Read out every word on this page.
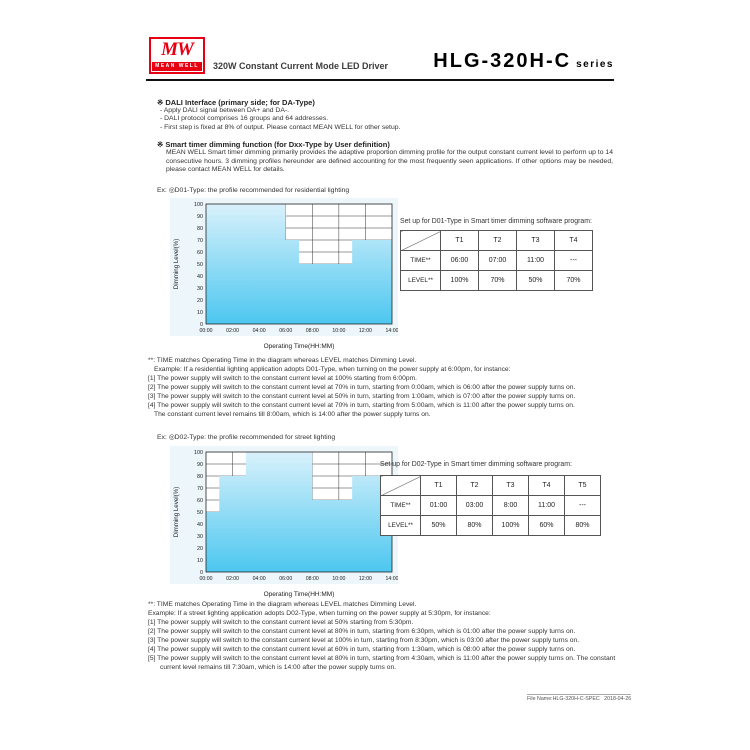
MW
MEAN WELL	320W Constant Current Mode LED Driver HLG-320H-C series
※ DALI Interface (primary side; for DA-Type)
- Apply DALI signal between DA+ and DA-.
- DALI protocol comprises 16 groups and 64 addresses.
- First step is fixed at 8% of output. Please contact MEAN WELL for other setup.
※ Smart timer dimming function (for Dxx-Type by User definition)
MEAN WELL Smart timer dimming primarily provides the adaptive proportion dimming profile for the output constant current level to perform up to 14 consecutive hours. 3 dimming profiles hereunder are defined accounting for the most frequently seen applications. If other options may be needed, please contact MEAN WELL for details.
Ex: ◎D01-Type: the profile recommended for residential lighting
0
10
20
30
40
50
60
70
80
90
100
00:00	02:00	04:00	06:00	08:00	10:00	12:00	14:00
Dimming Level(%)
Operating Time(HH:MM)
Set up for D01-Type in Smart timer dimming software program:
	T1	T2	T3	T4
TIME**	06:00	07:00	11:00	---
LEVEL**	100%	70%	50%	70%
**: TIME matches Operating Time in the diagram whereas LEVEL matches Dimming Level.
Example: If a residential lighting application adopts D01-Type, when turning on the power supply at 6:00pm, for instance:
[1] The power supply will switch to the constant current level at 100% starting from 6:00pm.
[2] The power supply will switch to the constant current level at 70% in turn, starting from 0:00am, which is 06:00 after the power supply turns on.
[3] The power supply will switch to the constant current level at 50% in turn, starting from 1:00am, which is 07:00 after the power supply turns on.
[4] The power supply will switch to the constant current level at 70% in turn, starting from 5:00am, which is 11:00 after the power supply turns on.
The constant current level remains till 8:00am, which is 14:00 after the power supply turns on.
Ex: ◎D02-Type: the profile recommended for street lighting
0
10
20
30
40
50
60
70
80
90
100
00:00	02:00	04:00	06:00	08:00	10:00	12:00	14:00
Dimming Level(%)
Operating Time(HH:MM)
Set up for D02-Type in Smart timer dimming software program:
	T1	T2	T3	T4	T5
TIME**	01:00	03:00	8:00	11:00	---
LEVEL**	50%	80%	100%	60%	80%
**: TIME matches Operating Time in the diagram whereas LEVEL matches Dimming Level.
Example: If a street lighting application adopts D02-Type, when turning on the power supply at 5:30pm, for instance:
[1] The power supply will switch to the constant current level at 50% starting from 5:30pm.
[2] The power supply will switch to the constant current level at 80% in turn, starting from 6:30pm, which is 01:00 after the power supply turns on.
[3] The power supply will switch to the constant current level at 100% in turn, starting from 8:30pm, which is 03:00 after the power supply turns on.
[4] The power supply will switch to the constant current level at 60% in turn, starting from 1:30am, which is 08:00 after the power supply turns on.
[5] The power supply will switch to the constant current level at 80% in turn, starting from 4:30am, which is 11:00 after the power supply turns on. The constant current level remains till 7:30am, which is 14:00 after the power supply turns on.
File Name:HLG-320H-C-SPEC   2018-04-26
